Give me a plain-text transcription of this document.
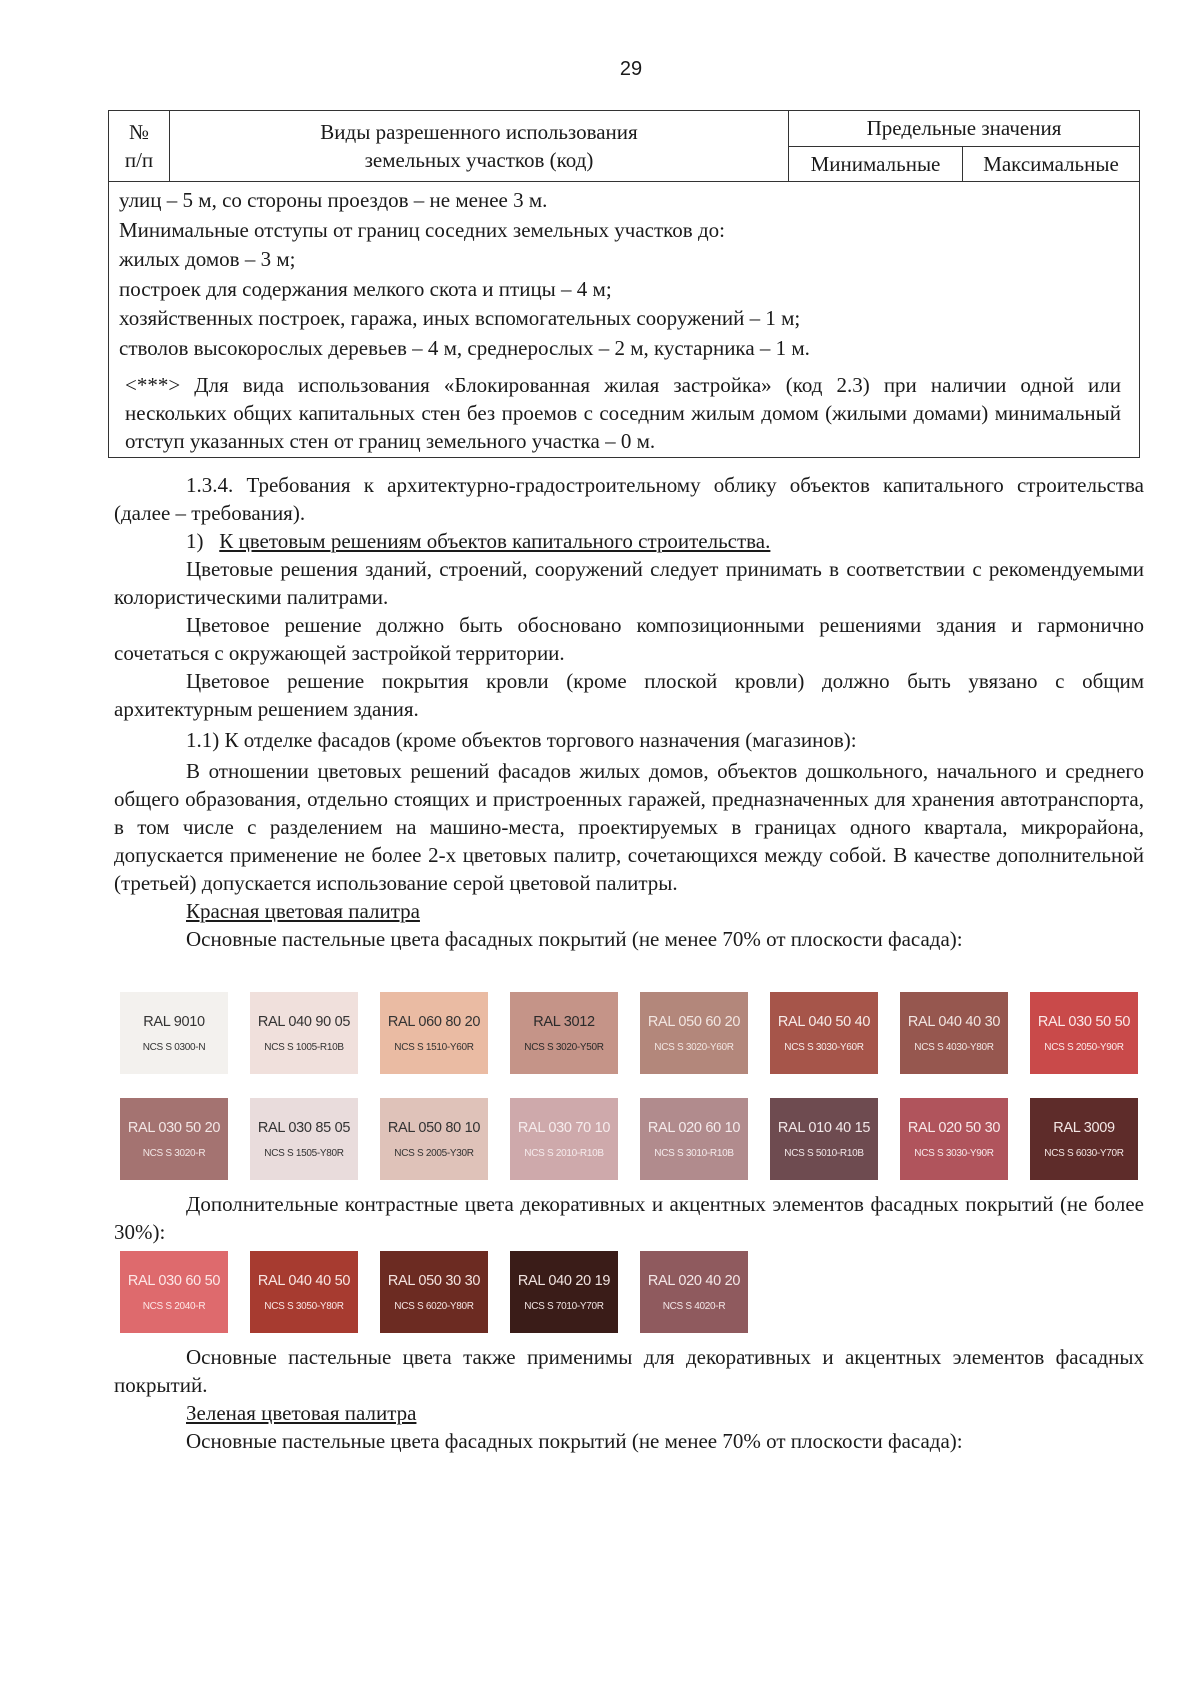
29
№
п/п
Виды разрешенного использования
земельных участков (код)
Предельные значения
Минимальные	Максимальные
улиц – 5 м, со стороны проездов – не менее 3 м.
Минимальные отступы от границ соседних земельных участков до:
жилых домов – 3 м;
построек для содержания мелкого скота и птицы – 4 м;
хозяйственных построек, гаража, иных вспомогательных сооружений – 1 м;
стволов высокорослых деревьев – 4 м, среднерослых – 2 м, кустарника – 1 м.
<***> Для вида использования «Блокированная жилая застройка» (код 2.3) при наличии одной или нескольких общих капитальных стен без проемов с соседним жилым домом (жилыми домами) минимальный отступ указанных стен от границ земельного участка – 0 м.

1.3.4. Требования к архитектурно-градостроительному облику объектов капитального строительства (далее – требования).

1) К цветовым решениям объектов капитального строительства.

Цветовые решения зданий, строений, сооружений следует принимать в соответствии с рекомендуемыми колористическими палитрами.

Цветовое решение должно быть обосновано композиционными решениями здания и гармонично сочетаться с окружающей застройкой территории.

Цветовое решение покрытия кровли (кроме плоской кровли) должно быть увязано с общим архитектурным решением здания.

1.1) К отделке фасадов (кроме объектов торгового назначения (магазинов):

В отношении цветовых решений фасадов жилых домов, объектов дошкольного, начального и среднего общего образования, отдельно стоящих и пристроенных гаражей, предназначенных для хранения автотранспорта, в том числе с разделением на машино-места, проектируемых в границах одного квартала, микрорайона, допускается применение не более 2-х цветовых палитр, сочетающихся между собой. В качестве дополнительной (третьей) допускается использование серой цветовой палитры.

Красная цветовая палитра

Основные пастельные цвета фасадных покрытий (не менее 70% от плоскости фасада):

RAL 9010
NCS S 0300-N
RAL 040 90 05
NCS S 1005-R10B
RAL 060 80 20
NCS S 1510-Y60R
RAL 3012
NCS S 3020-Y50R
RAL 050 60 20
NCS S 3020-Y60R
RAL 040 50 40
NCS S 3030-Y60R
RAL 040 40 30
NCS S 4030-Y80R
RAL 030 50 50
NCS S 2050-Y90R
RAL 030 50 20
NCS S 3020-R
RAL 030 85 05
NCS S 1505-Y80R
RAL 050 80 10
NCS S 2005-Y30R
RAL 030 70 10
NCS S 2010-R10B
RAL 020 60 10
NCS S 3010-R10B
RAL 010 40 15
NCS S 5010-R10B
RAL 020 50 30
NCS S 3030-Y90R
RAL 3009
NCS S 6030-Y70R

Дополнительные контрастные цвета декоративных и акцентных элементов фасадных покрытий (не более 30%):

RAL 030 60 50
NCS S 2040-R
RAL 040 40 50
NCS S 3050-Y80R
RAL 050 30 30
NCS S 6020-Y80R
RAL 040 20 19
NCS S 7010-Y70R
RAL 020 40 20
NCS S 4020-R

Основные пастельные цвета также применимы для декоративных и акцентных элементов фасадных покрытий.

Зеленая цветовая палитра

Основные пастельные цвета фасадных покрытий (не менее 70% от плоскости фасада):
